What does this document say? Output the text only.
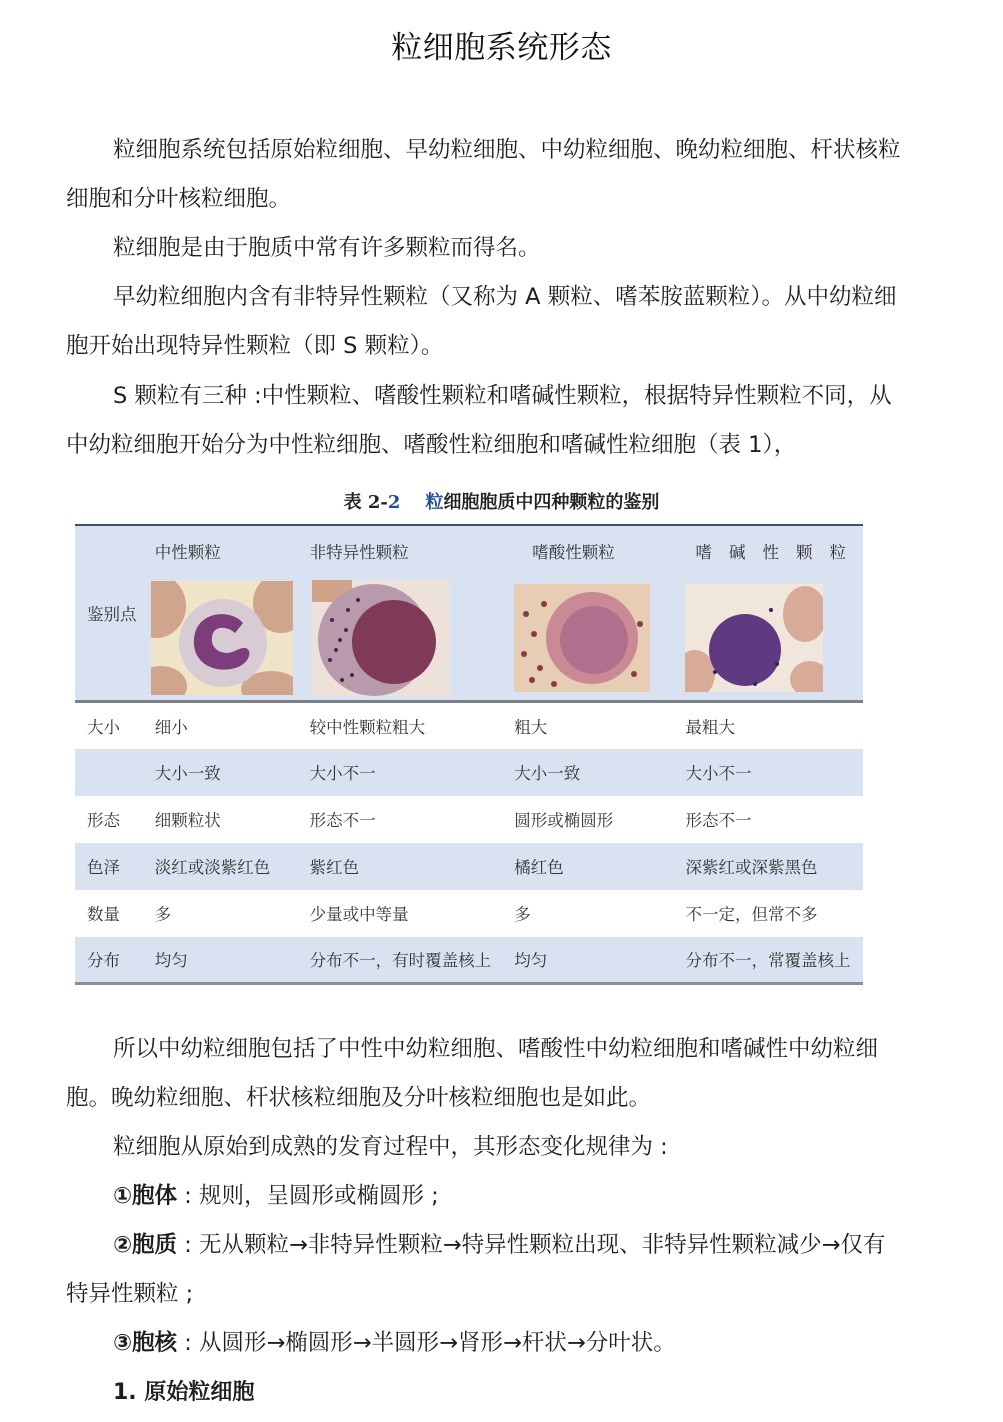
粒细胞系统形态
粒细胞系统包括原始粒细胞、早幼粒细胞、中幼粒细胞、晚幼粒细胞、杆状核粒细胞和分叶核粒细胞。
粒细胞是由于胞质中常有许多颗粒而得名。
早幼粒细胞内含有非特异性颗粒（又称为 A 颗粒、嗜苯胺蓝颗粒）。从中幼粒细胞开始出现特异性颗粒（即 S 颗粒）。
S 颗粒有三种 :中性颗粒、嗜酸性颗粒和嗜碱性颗粒，根据特异性颗粒不同，从中幼粒细胞开始分为中性粒细胞、嗜酸性粒细胞和嗜碱性粒细胞（表 1），
表 2-2 粒细胞胞质中四种颗粒的鉴别
鉴别点	中性颗粒	非特异性颗粒	嗜酸性颗粒	嗜碱性颗粒

大小	细小	较中性颗粒粗大	粗大	最粗大
	大小一致	大小不一	大小一致	大小不一
形态	细颗粒状	形态不一	圆形或椭圆形	形态不一
色泽	淡红或淡紫红色	紫红色	橘红色	深紫红或深紫黑色
数量	多	少量或中等量	多	不一定，但常不多
分布	均匀	分布不一，有时覆盖核上	均匀	分布不一，常覆盖核上
所以中幼粒细胞包括了中性中幼粒细胞、嗜酸性中幼粒细胞和嗜碱性中幼粒细胞。晚幼粒细胞、杆状核粒细胞及分叶核粒细胞也是如此。
粒细胞从原始到成熟的发育过程中，其形态变化规律为 :
①胞体 : 规则，呈圆形或椭圆形 ;
②胞质 : 无从颗粒→非特异性颗粒→特异性颗粒出现、非特异性颗粒减少→仅有特异性颗粒 ;
③胞核 : 从圆形→椭圆形→半圆形→肾形→杆状→分叶状。
1. 原始粒细胞
